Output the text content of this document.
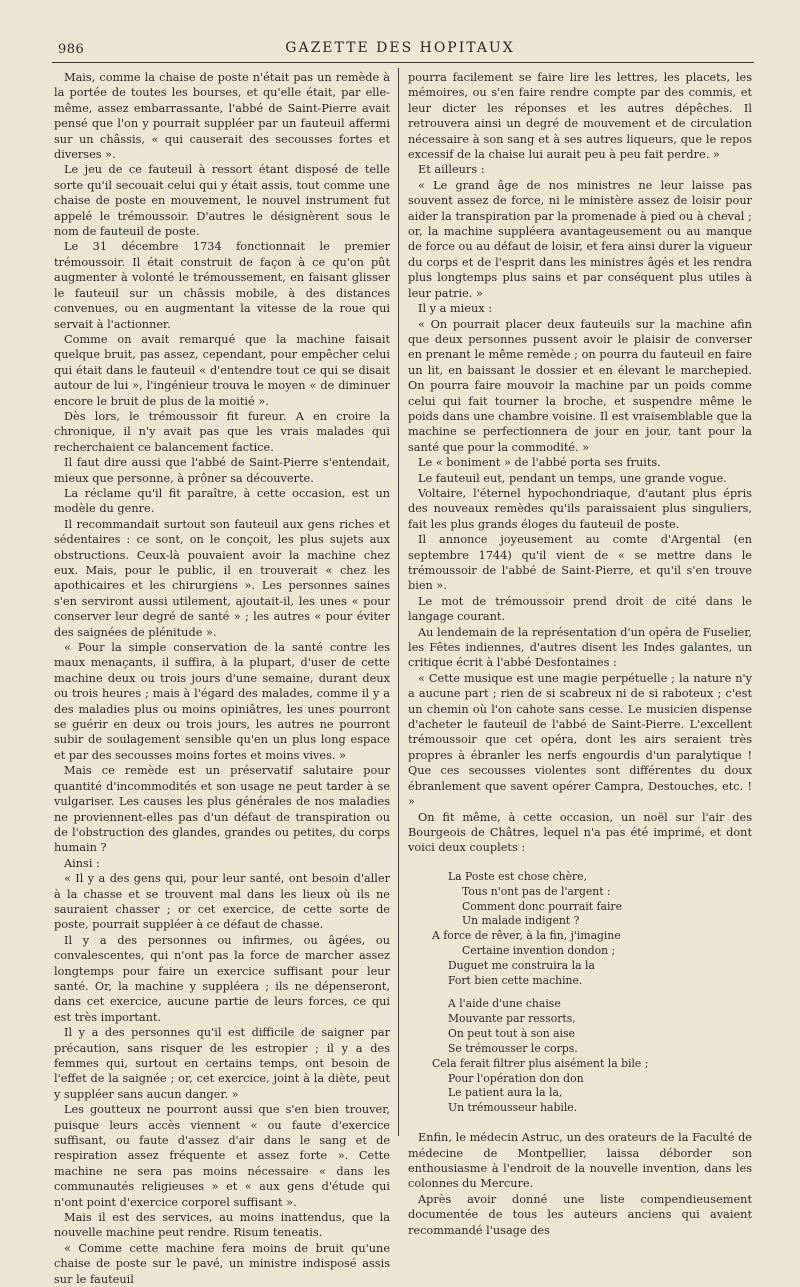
986	GAZETTE DES HOPITAUX

Mais, comme la chaise de poste n'était pas un remède à la portée de toutes les bourses, et qu'elle était, par elle-même, assez embarrassante, l'abbé de Saint-Pierre avait pensé que l'on y pourrait suppléer par un fauteuil affermi sur un châssis, « qui causerait des secousses fortes et diverses ».

Le jeu de ce fauteuil à ressort étant disposé de telle sorte qu'il secouait celui qui y était assis, tout comme une chaise de poste en mouvement, le nouvel instrument fut appelé le trémoussoir. D'autres le désignèrent sous le nom de fauteuil de poste.

Le 31 décembre 1734 fonctionnait le premier trémoussoir. Il était construit de façon à ce qu'on pût augmenter à volonté le trémoussement, en faisant glisser le fauteuil sur un châssis mobile, à des distances convenues, ou en augmentant la vitesse de la roue qui servait à l'actionner.

Comme on avait remarqué que la machine faisait quelque bruit, pas assez, cependant, pour empêcher celui qui était dans le fauteuil « d'entendre tout ce qui se disait autour de lui », l'ingénieur trouva le moyen « de diminuer encore le bruit de plus de la moitié ».

Dès lors, le trémoussoir fit fureur. A en croire la chronique, il n'y avait pas que les vrais malades qui recherchaient ce balancement factice.

Il faut dire aussi que l'abbé de Saint-Pierre s'entendait, mieux que personne, à prôner sa découverte.

La réclame qu'il fit paraître, à cette occasion, est un modèle du genre.

Il recommandait surtout son fauteuil aux gens riches et sédentaires : ce sont, on le conçoit, les plus sujets aux obstructions. Ceux-là pouvaient avoir la machine chez eux. Mais, pour le public, il en trouverait « chez les apothicaires et les chirurgiens ». Les personnes saines s'en serviront aussi utilement, ajoutait-il, les unes « pour conserver leur degré de santé » ; les autres « pour éviter des saignées de plénitude ».

« Pour la simple conservation de la santé contre les maux menaçants, il suffira, à la plupart, d'user de cette machine deux ou trois jours d'une semaine, durant deux ou trois heures ; mais à l'égard des malades, comme il y a des maladies plus ou moins opiniâtres, les unes pourront se guérir en deux ou trois jours, les autres ne pourront subir de soulagement sensible qu'en un plus long espace et par des secousses moins fortes et moins vives. »

Mais ce remède est un préservatif salutaire pour quantité d'incommodités et son usage ne peut tarder à se vulgariser. Les causes les plus générales de nos maladies ne proviennent-elles pas d'un défaut de transpiration ou de l'obstruction des glandes, grandes ou petites, du corps humain ?

Ainsi :

« Il y a des gens qui, pour leur santé, ont besoin d'aller à la chasse et se trouvent mal dans les lieux où ils ne sauraient chasser ; or cet exercice, de cette sorte de poste, pourrait suppléer à ce défaut de chasse.

Il y a des personnes ou infirmes, ou âgées, ou convalescentes, qui n'ont pas la force de marcher assez longtemps pour faire un exercice suffisant pour leur santé. Or, la machine y suppléera ; ils ne dépenseront, dans cet exercice, aucune partie de leurs forces, ce qui est très important.

Il y a des personnes qu'il est difficile de saigner par précaution, sans risquer de les estropier ; il y a des femmes qui, surtout en certains temps, ont besoin de l'effet de la saignée ; or, cet exercice, joint à la diète, peut y suppléer sans aucun danger. »

Les goutteux ne pourront aussi que s'en bien trouver, puisque leurs accès viennent « ou faute d'exercice suffisant, ou faute d'assez d'air dans le sang et de respiration assez fréquente et assez forte ». Cette machine ne sera pas moins nécessaire « dans les communautés religieuses » et « aux gens d'étude qui n'ont point d'exercice corporel suffisant ».

Mais il est des services, au moins inattendus, que la nouvelle machine peut rendre. Risum teneatis.

« Comme cette machine fera moins de bruit qu'une chaise de poste sur le pavé, un ministre indisposé assis sur le fauteuil

pourra facilement se faire lire les lettres, les placets, les mémoires, ou s'en faire rendre compte par des commis, et leur dicter les réponses et les autres dépêches. Il retrouvera ainsi un degré de mouvement et de circulation nécessaire à son sang et à ses autres liqueurs, que le repos excessif de la chaise lui aurait peu à peu fait perdre. »

Et ailleurs :

« Le grand âge de nos ministres ne leur laisse pas souvent assez de force, ni le ministère assez de loisir pour aider la transpiration par la promenade à pied ou à cheval ; or, la machine suppléera avantageusement ou au manque de force ou au défaut de loisir, et fera ainsi durer la vigueur du corps et de l'esprit dans les ministres âgés et les rendra plus longtemps plus sains et par conséquent plus utiles à leur patrie. »

Il y a mieux :

« On pourrait placer deux fauteuils sur la machine afin que deux personnes pussent avoir le plaisir de converser en prenant le même remède ; on pourra du fauteuil en faire un lit, en baissant le dossier et en élevant le marchepied. On pourra faire mouvoir la machine par un poids comme celui qui fait tourner la broche, et suspendre même le poids dans une chambre voisine. Il est vraisemblable que la machine se perfectionnera de jour en jour, tant pour la santé que pour la commodité. »

Le « boniment » de l'abbé porta ses fruits.

Le fauteuil eut, pendant un temps, une grande vogue.

Voltaire, l'éternel hypochondriaque, d'autant plus épris des nouveaux remèdes qu'ils paraissaient plus singuliers, fait les plus grands éloges du fauteuil de poste.

Il annonce joyeusement au comte d'Argental (en septembre 1744) qu'il vient de « se mettre dans le trémoussoir de l'abbé de Saint-Pierre, et qu'il s'en trouve bien ».

Le mot de trémoussoir prend droit de cité dans le langage courant.

Au lendemain de la représentation d'un opéra de Fuselier, les Fêtes indiennes, d'autres disent les Indes galantes, un critique écrit à l'abbé Desfontaines :

« Cette musique est une magie perpétuelle ; la nature n'y a aucune part ; rien de si scabreux ni de si raboteux ; c'est un chemin où l'on cahote sans cesse. Le musicien dispense d'acheter le fauteuil de l'abbé de Saint-Pierre. L'excellent trémoussoir que cet opéra, dont les airs seraient très propres à ébranler les nerfs engourdis d'un paralytique ! Que ces secousses violentes sont différentes du doux ébranlement que savent opérer Campra, Destouches, etc. ! »

On fit même, à cette occasion, un noël sur l'air des Bourgeois de Châtres, lequel n'a pas été imprimé, et dont voici deux couplets :

La Poste est chose chère,
Tous n'ont pas de l'argent :
Comment donc pourrait faire
Un malade indigent ?
A force de rêver, à la fin, j'imagine
Certaine invention dondon ;
Duguet me construira la la
Fort bien cette machine.
A l'aide d'une chaise
Mouvante par ressorts,
On peut tout à son aise
Se trémousser le corps.
Cela ferait filtrer plus aisément la bile ;
Pour l'opération don don
Le patient aura la la,
Un trémousseur habile.

Enfin, le médecin Astruc, un des orateurs de la Faculté de médecine de Montpellier, laissa déborder son enthousiasme à l'endroit de la nouvelle invention, dans les colonnes du Mercure.

Après avoir donné une liste compendieusement documentée de tous les auteurs anciens qui avaient recommandé l'usage des
